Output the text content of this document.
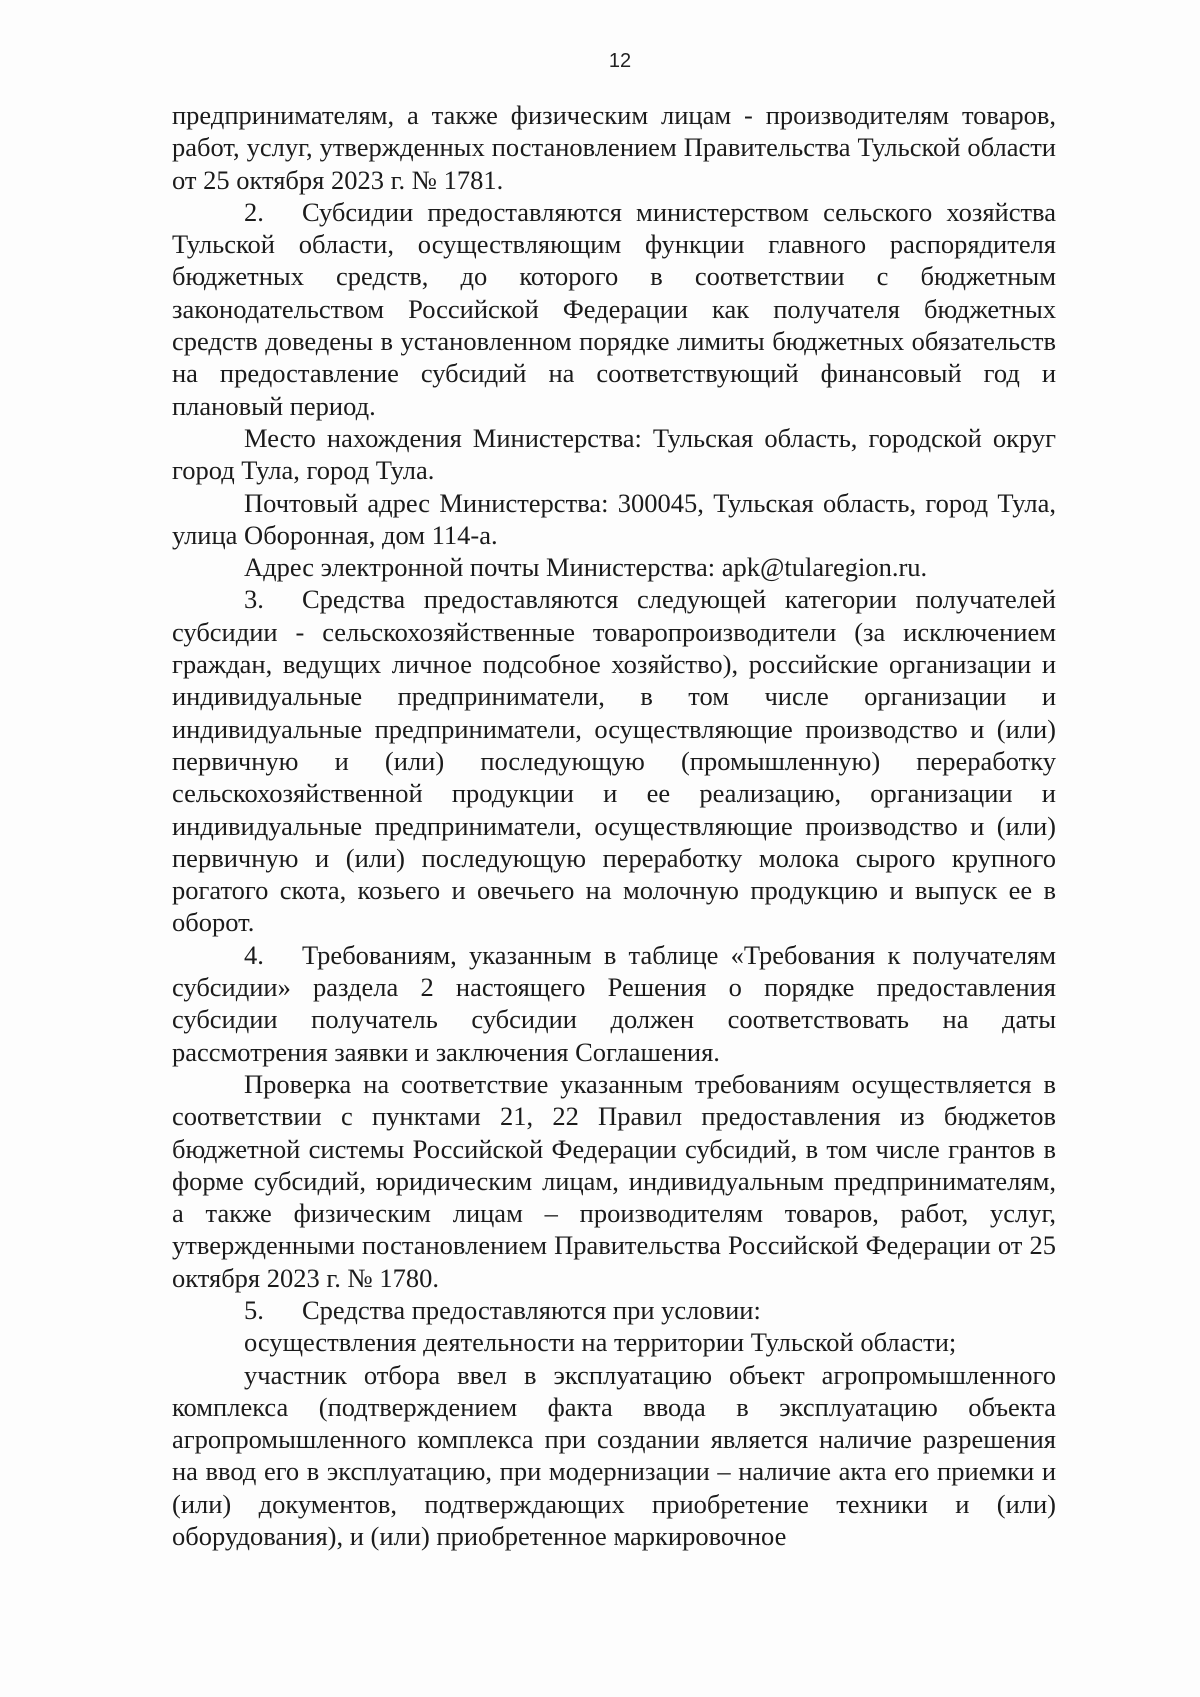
12

предпринимателям, а также физическим лицам - производителям товаров, работ, услуг, утвержденных постановлением Правительства Тульской области от 25 октября 2023 г. № 1781.

2. Субсидии предоставляются министерством сельского хозяйства Тульской области, осуществляющим функции главного распорядителя бюджетных средств, до которого в соответствии с бюджетным законодательством Российской Федерации как получателя бюджетных средств доведены в установленном порядке лимиты бюджетных обязательств на предоставление субсидий на соответствующий финансовый год и плановый период.

Место нахождения Министерства: Тульская область, городской округ город Тула, город Тула.

Почтовый адрес Министерства: 300045, Тульская область, город Тула, улица Оборонная, дом 114-а.

Адрес электронной почты Министерства: apk@tularegion.ru.

3. Средства предоставляются следующей категории получателей субсидии - сельскохозяйственные товаропроизводители (за исключением граждан, ведущих личное подсобное хозяйство), российские организации и индивидуальные предприниматели, в том числе организации и индивидуальные предприниматели, осуществляющие производство и (или) первичную и (или) последующую (промышленную) переработку сельскохозяйственной продукции и ее реализацию, организации и индивидуальные предприниматели, осуществляющие производство и (или) первичную и (или) последующую переработку молока сырого крупного рогатого скота, козьего и овечьего на молочную продукцию и выпуск ее в оборот.

4. Требованиям, указанным в таблице «Требования к получателям субсидии» раздела 2 настоящего Решения о порядке предоставления субсидии получатель субсидии должен соответствовать на даты рассмотрения заявки и заключения Соглашения.

Проверка на соответствие указанным требованиям осуществляется в соответствии с пунктами 21, 22 Правил предоставления из бюджетов бюджетной системы Российской Федерации субсидий, в том числе грантов в форме субсидий, юридическим лицам, индивидуальным предпринимателям, а также физическим лицам – производителям товаров, работ, услуг, утвержденными постановлением Правительства Российской Федерации от 25 октября 2023 г. № 1780.

5. Средства предоставляются при условии:

осуществления деятельности на территории Тульской области;

участник отбора ввел в эксплуатацию объект агропромышленного комплекса (подтверждением факта ввода в эксплуатацию объекта агропромышленного комплекса при создании является наличие разрешения на ввод его в эксплуатацию, при модернизации – наличие акта его приемки и (или) документов, подтверждающих приобретение техники и (или) оборудования), и (или) приобретенное маркировочное
